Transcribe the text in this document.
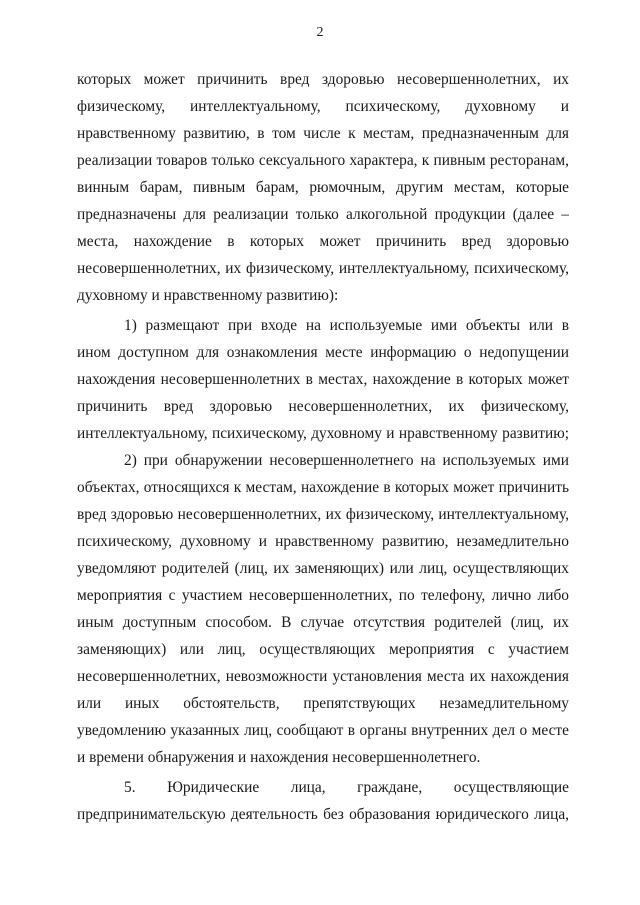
2
которых может причинить вред здоровью несовершеннолетних, их
физическому, интеллектуальному, психическому, духовному и
нравственному развитию, в том числе к местам, предназначенным для
реализации товаров только сексуального характера, к пивным ресторанам,
винным барам, пивным барам, рюмочным, другим местам, которые
предназначены для реализации только алкогольной продукции (далее –
места, нахождение в которых может причинить вред здоровью
несовершеннолетних, их физическому, интеллектуальному, психическому,
духовному и нравственному развитию):
1) размещают при входе на используемые ими объекты или в
ином доступном для ознакомления месте информацию о недопущении
нахождения несовершеннолетних в местах, нахождение в которых может
причинить вред здоровью несовершеннолетних, их физическому,
интеллектуальному, психическому, духовному и нравственному развитию;
2) при обнаружении несовершеннолетнего на используемых ими
объектах, относящихся к местам, нахождение в которых может причинить
вред здоровью несовершеннолетних, их физическому, интеллектуальному,
психическому, духовному и нравственному развитию, незамедлительно
уведомляют родителей (лиц, их заменяющих) или лиц, осуществляющих
мероприятия с участием несовершеннолетних, по телефону, лично либо
иным доступным способом. В случае отсутствия родителей (лиц, их
заменяющих) или лиц, осуществляющих мероприятия с участием
несовершеннолетних, невозможности установления места их нахождения
или иных обстоятельств, препятствующих незамедлительному
уведомлению указанных лиц, сообщают в органы внутренних дел о месте
и времени обнаружения и нахождения несовершеннолетнего.
5. Юридические лица, граждане, осуществляющие
предпринимательскую деятельность без образования юридического лица,
